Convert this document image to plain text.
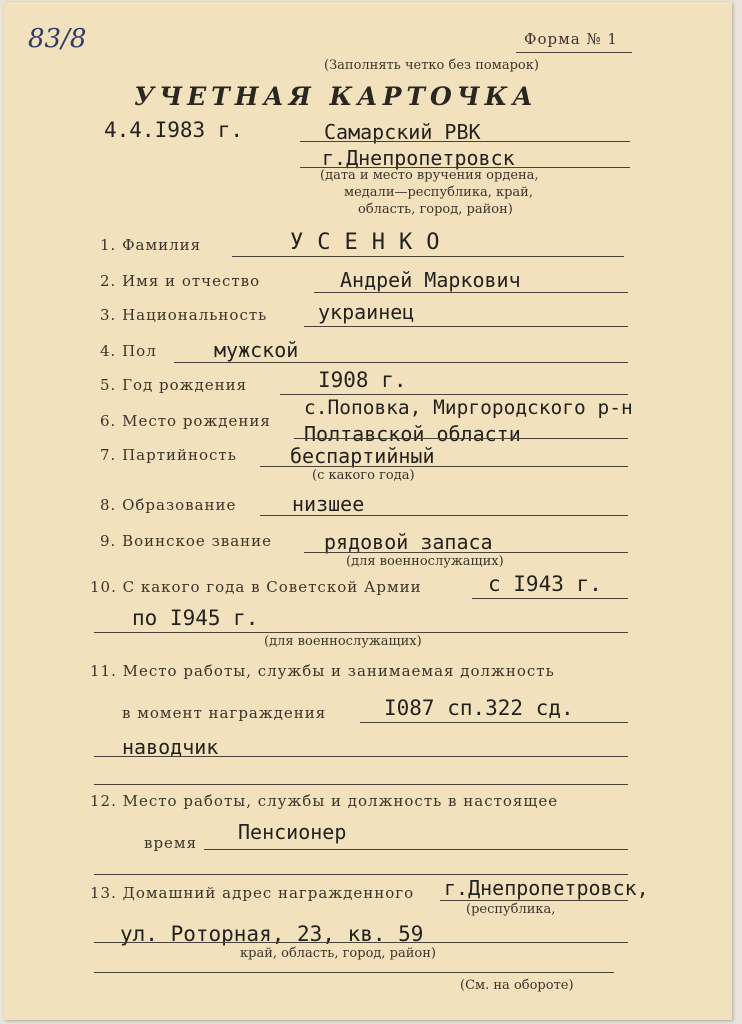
83/8	Форма № 1
(Заполнять четко без помарок)
УЧЕТНАЯ КАРТОЧКА
4.4.I983 г.	Самарский РВК
г.Днепропетровск
(дата и место вручения ордена,
медали—республика, край,
область, город, район)
1. Фамилия	УСЕНКО
2. Имя и отчество	Андрей Маркович
3. Национальность	украинец
4. Пол	мужской
5. Год рождения	I908 г.
6. Место рождения
с.Поповка, Миргородского р-н
Полтавской области
7. Партийность	беспартийный
(с какого года)
8. Образование	низшее
9. Воинское звание	рядовой запаса
(для военнослужащих)
10. С какого года в Советской Армии	с I943 г.
по I945 г.
(для военнослужащих)
11. Место работы, службы и занимаемая должность
в момент награждения	I087 сп.322 сд.
наводчик
12. Место работы, службы и должность в настоящее
время Пенсионер
13. Домашний адрес награжденного г.Днепропетровск,
(республика,
ул. Роторная, 23, кв. 59
край, область, город, район)
(См. на обороте)
